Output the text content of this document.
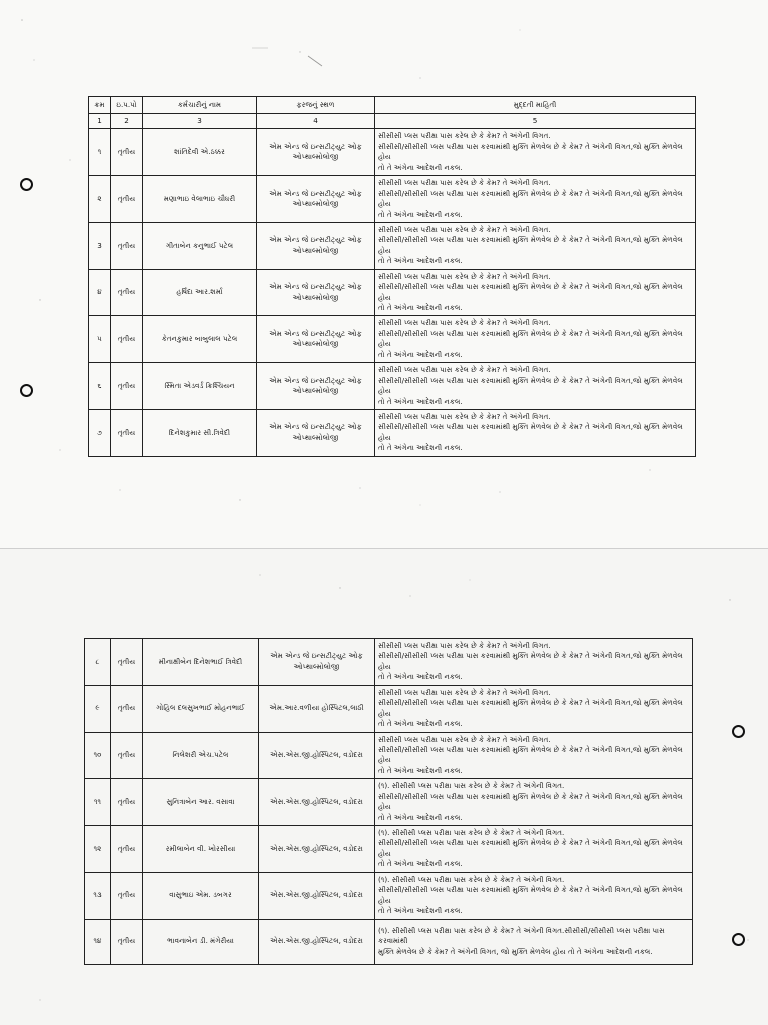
ક્રમ	ઇ.પ.પો	કર્મચારીનું નામ	ફરજનું સ્થળ	મુદ્દતી માહિતી
1	2	3	4	5
૧	તૃતીય	શાંતિદેવી એ.ઠક્કર	એમ એન્ડ જે ઇન્સટીટ્યુટ ઓફ ઓપ્થાલ્મોલોજી	સીસીસી પ્લસ પરીક્ષા પાસ કરેલ છે કે કેમ? તે અંગેની વિગત.
સીસીસી/સીસીસી પ્લસ પરીક્ષા પાસ કરવામાંથી મુક્તિ મેળવેલ છે કે કેમ? તે અંગેની વિગત,જો મુક્તિ મેળવેલ હોય
તો તે અંગેના આદેશની નકલ.
૨	તૃતીય	મણાભાઇ વેલાભાઇ ચૌધરી	એમ એન્ડ જે ઇન્સટીટ્યુટ ઓફ ઓપ્થાલ્મોલોજી	સીસીસી પ્લસ પરીક્ષા પાસ કરેલ છે કે કેમ? તે અંગેની વિગત.
સીસીસી/સીસીસી પ્લસ પરીક્ષા પાસ કરવામાંથી મુક્તિ મેળવેલ છે કે કેમ? તે અંગેની વિગત,જો મુક્તિ મેળવેલ હોય
તો તે અંગેના આદેશની નકલ.
3	તૃતીય	ગીતાબેન કનુભાઈ પટેલ	એમ એન્ડ જે ઇન્સટીટ્યુટ ઓફ ઓપ્થાલ્મોલોજી	સીસીસી પ્લસ પરીક્ષા પાસ કરેલ છે કે કેમ? તે અંગેની વિગત.
સીસીસી/સીસીસી પ્લસ પરીક્ષા પાસ કરવામાંથી મુક્તિ મેળવેલ છે કે કેમ? તે અંગેની વિગત,જો મુક્તિ મેળવેલ હોય
તો તે અંગેના આદેશની નકલ.
૪	તૃતીય	હર્ષિદા આર.શર્મા	એમ એન્ડ જે ઇન્સટીટ્યુટ ઓફ ઓપ્થાલ્મોલોજી	સીસીસી પ્લસ પરીક્ષા પાસ કરેલ છે કે કેમ? તે અંગેની વિગત.
સીસીસી/સીસીસી પ્લસ પરીક્ષા પાસ કરવામાંથી મુક્તિ મેળવેલ છે કે કેમ? તે અંગેની વિગત,જો મુક્તિ મેળવેલ હોય
તો તે અંગેના આદેશની નકલ.
૫	તૃતીય	કેતનકુમાર બાબુલાલ પટેલ	એમ એન્ડ જે ઇન્સટીટ્યુટ ઓફ ઓપ્થાલ્મોલોજી	સીસીસી પ્લસ પરીક્ષા પાસ કરેલ છે કે કેમ? તે અંગેની વિગત.
સીસીસી/સીસીસી પ્લસ પરીક્ષા પાસ કરવામાંથી મુક્તિ મેળવેલ છે કે કેમ? તે અંગેની વિગત,જો મુક્તિ મેળવેલ હોય
તો તે અંગેના આદેશની નકલ.
૬	તૃતીય	સ્મિતા એડવર્ડ ક્રિશ્ચિયન	એમ એન્ડ જે ઇન્સટીટ્યુટ ઓફ ઓપ્થાલ્મોલોજી	સીસીસી પ્લસ પરીક્ષા પાસ કરેલ છે કે કેમ? તે અંગેની વિગત.
સીસીસી/સીસીસી પ્લસ પરીક્ષા પાસ કરવામાંથી મુક્તિ મેળવેલ છે કે કેમ? તે અંગેની વિગત,જો મુક્તિ મેળવેલ હોય
તો તે અંગેના આદેશની નકલ.
૭	તૃતીય	દિનેશકુમાર સી.ત્રિવેદી	એમ એન્ડ જે ઇન્સટીટ્યુટ ઓફ ઓપ્થાલ્મોલોજી	સીસીસી પ્લસ પરીક્ષા પાસ કરેલ છે કે કેમ? તે અંગેની વિગત.
સીસીસી/સીસીસી પ્લસ પરીક્ષા પાસ કરવામાંથી મુક્તિ મેળવેલ છે કે કેમ? તે અંગેની વિગત,જો મુક્તિ મેળવેલ હોય
તો તે અંગેના આદેશની નકલ.
૮	તૃતીય	મીનાક્ષીબેન દિનેશભાઈ ત્રિવેદી	એમ એન્ડ જે ઇન્સટીટ્યુટ ઓફ ઓપ્થાલ્મોલોજી	સીસીસી પ્લસ પરીક્ષા પાસ કરેલ છે કે કેમ? તે અંગેની વિગત.
સીસીસી/સીસીસી પ્લસ પરીક્ષા પાસ કરવામાંથી મુક્તિ મેળવેલ છે કે કેમ? તે અંગેની વિગત,જો મુક્તિ મેળવેલ હોય
તો તે અંગેના આદેશની નકલ.
૯	તૃતીય	ગોહિલ દલસુખભાઈ મોહનભાઈ	એમ.આર.વળીયા હોસ્પિટલ,લાઠી	સીસીસી પ્લસ પરીક્ષા પાસ કરેલ છે કે કેમ? તે અંગેની વિગત.
સીસીસી/સીસીસી પ્લસ પરીક્ષા પાસ કરવામાંથી મુક્તિ મેળવેલ છે કે કેમ? તે અંગેની વિગત,જો મુક્તિ મેળવેલ હોય
તો તે અંગેના આદેશની નકલ.
૧૦	તૃતીય	નિલેશરી એચ.પટેલ	એસ.એસ.જી.હોસ્પિટલ, વડોદરા	સીસીસી પ્લસ પરીક્ષા પાસ કરેલ છે કે કેમ? તે અંગેની વિગત.
સીસીસી/સીસીસી પ્લસ પરીક્ષા પાસ કરવામાંથી મુક્તિ મેળવેલ છે કે કેમ? તે અંગેની વિગત,જો મુક્તિ મેળવેલ હોય
તો તે અંગેના આદેશની નકલ.
૧૧	તૃતીય	સુનિત્રાબેન આર. વસાવા	એસ.એસ.જી.હોસ્પિટલ, વડોદરા	(૧). સીસીસી પ્લસ પરીક્ષા પાસ કરેલ છે કે કેમ? તે અંગેની વિગત.
સીસીસી/સીસીસી પ્લસ પરીક્ષા પાસ કરવામાંથી મુક્તિ મેળવેલ છે કે કેમ? તે અંગેની વિગત,જો મુક્તિ મેળવેલ હોય
તો તે અંગેના આદેશની નકલ.
૧૨	તૃતીય	રમીલાબેન વી. ખોરસીયા	એસ.એસ.જી.હોસ્પિટલ, વડોદરા	(૧). સીસીસી પ્લસ પરીક્ષા પાસ કરેલ છે કે કેમ? તે અંગેની વિગત.
સીસીસી/સીસીસી પ્લસ પરીક્ષા પાસ કરવામાંથી મુક્તિ મેળવેલ છે કે કેમ? તે અંગેની વિગત,જો મુક્તિ મેળવેલ હોય
તો તે અંગેના આદેશની નકલ.
૧૩	તૃતીય	વાસુભાઇ એમ. ડબગર	એસ.એસ.જી.હોસ્પિટલ, વડોદરા	(૧). સીસીસી પ્લસ પરીક્ષા પાસ કરેલ છે કે કેમ? તે અંગેની વિગત.
સીસીસી/સીસીસી પ્લસ પરીક્ષા પાસ કરવામાંથી મુક્તિ મેળવેલ છે કે કેમ? તે અંગેની વિગત,જો મુક્તિ મેળવેલ હોય
તો તે અંગેના આદેશની નકલ.
૧૪	તૃતીય	ભાવનાબેન ડી. મંગેરીયા	એસ.એસ.જી.હોસ્પિટલ, વડોદરા	(૧). સીસીસી પ્લસ પરીક્ષા પાસ કરેલ છે કે કેમ? તે અંગેની વિગત.સીસીસી/સીસીસી પ્લસ પરીક્ષા પાસ કરવામાંથી
મુક્તિ મેળવેલ છે કે કેમ? તે અંગેની વિગત, જો મુક્તિ મેળવેલ હોય તો તે અંગેના આદેશની નકલ.
